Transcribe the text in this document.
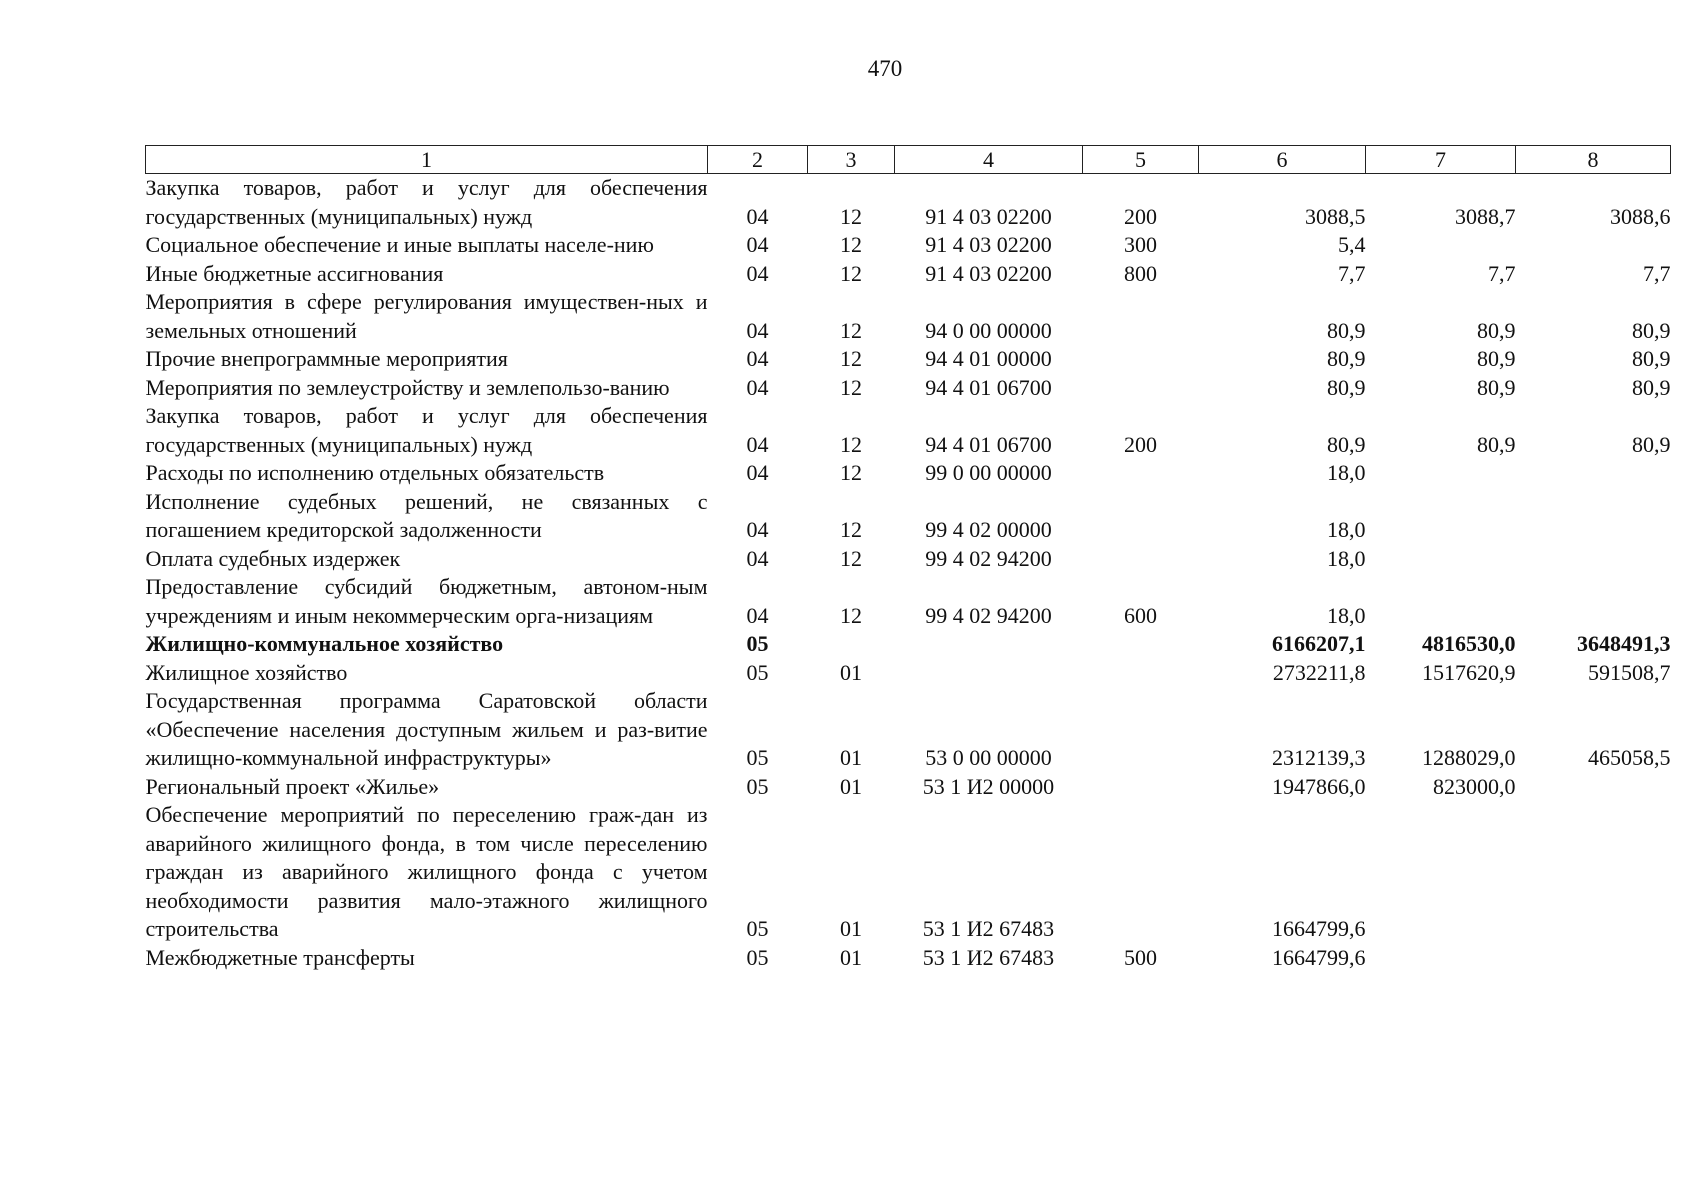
470
1	2	3	4	5	6	7	8
Закупка товаров, работ и услуг для обеспечения государственных (муниципальных) нужд	04	12	91 4 03 02200	200	3088,5	3088,7	3088,6
Социальное обеспечение и иные выплаты населе-нию	04	12	91 4 03 02200	300	5,4		
Иные бюджетные ассигнования	04	12	91 4 03 02200	800	7,7	7,7	7,7
Мероприятия в сфере регулирования имуществен-ных и земельных отношений	04	12	94 0 00 00000		80,9	80,9	80,9
Прочие внепрограммные мероприятия	04	12	94 4 01 00000		80,9	80,9	80,9
Мероприятия по землеустройству и землепользо-ванию	04	12	94 4 01 06700		80,9	80,9	80,9
Закупка товаров, работ и услуг для обеспечения государственных (муниципальных) нужд	04	12	94 4 01 06700	200	80,9	80,9	80,9
Расходы по исполнению отдельных обязательств	04	12	99 0 00 00000		18,0		
Исполнение судебных решений, не связанных с погашением кредиторской задолженности	04	12	99 4 02 00000		18,0		
Оплата судебных издержек	04	12	99 4 02 94200		18,0		
Предоставление субсидий бюджетным, автоном-ным учреждениям и иным некоммерческим орга-низациям	04	12	99 4 02 94200	600	18,0		
Жилищно-коммунальное хозяйство	05				6166207,1	4816530,0	3648491,3
Жилищное хозяйство	05	01			2732211,8	1517620,9	591508,7
Государственная программа Саратовской области «Обеспечение населения доступным жильем и раз-витие жилищно-коммунальной инфраструктуры»	05	01	53 0 00 00000		2312139,3	1288029,0	465058,5
Региональный проект «Жилье»	05	01	53 1 И2 00000		1947866,0	823000,0	
Обеспечение мероприятий по переселению граж-дан из аварийного жилищного фонда, в том числе переселению граждан из аварийного жилищного фонда с учетом необходимости развития мало-этажного жилищного строительства	05	01	53 1 И2 67483		1664799,6		
Межбюджетные трансферты	05	01	53 1 И2 67483	500	1664799,6		
